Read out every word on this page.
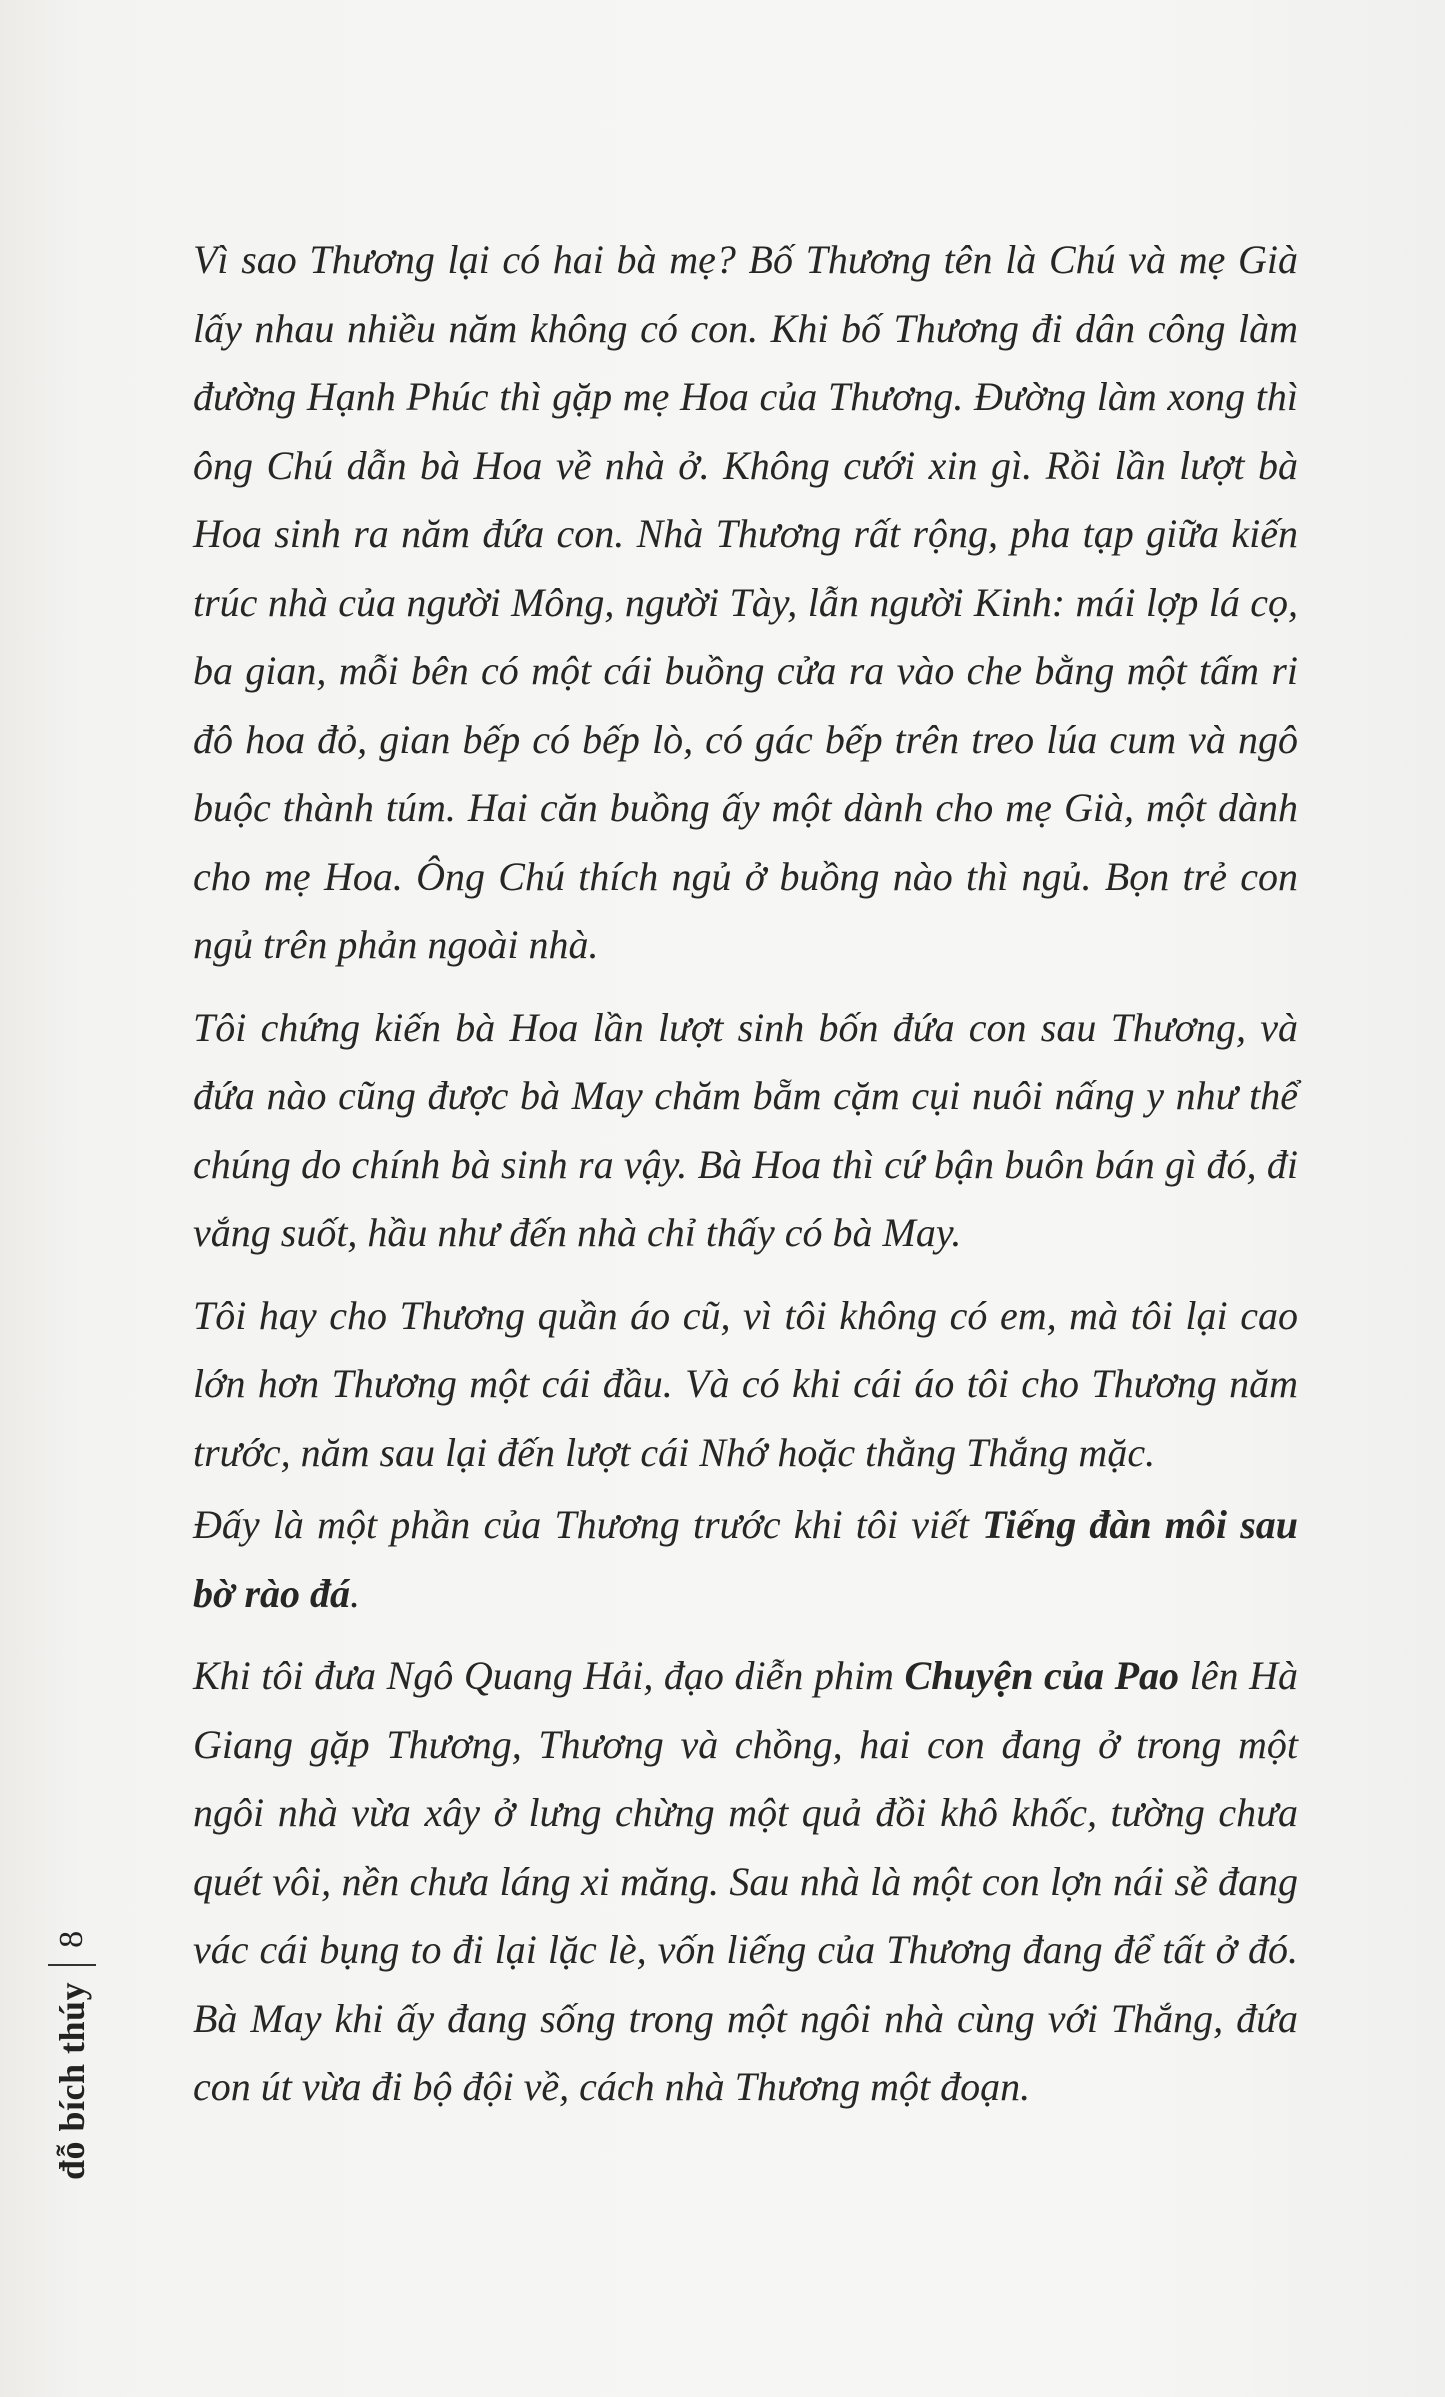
Vì sao Thương lại có hai bà mẹ? Bố Thương tên là Chú và mẹ Già lấy nhau nhiều năm không có con. Khi bố Thương đi dân công làm đường Hạnh Phúc thì gặp mẹ Hoa của Thương. Đường làm xong thì ông Chú dẫn bà Hoa về nhà ở. Không cưới xin gì. Rồi lần lượt bà Hoa sinh ra năm đứa con. Nhà Thương rất rộng, pha tạp giữa kiến trúc nhà của người Mông, người Tày, lẫn người Kinh: mái lợp lá cọ, ba gian, mỗi bên có một cái buồng cửa ra vào che bằng một tấm ri đô hoa đỏ, gian bếp có bếp lò, có gác bếp trên treo lúa cum và ngô buộc thành túm. Hai căn buồng ấy một dành cho mẹ Già, một dành cho mẹ Hoa. Ông Chú thích ngủ ở buồng nào thì ngủ. Bọn trẻ con ngủ trên phản ngoài nhà.

Tôi chứng kiến bà Hoa lần lượt sinh bốn đứa con sau Thương, và đứa nào cũng được bà May chăm bẵm cặm cụi nuôi nấng y như thể chúng do chính bà sinh ra vậy. Bà Hoa thì cứ bận buôn bán gì đó, đi vắng suốt, hầu như đến nhà chỉ thấy có bà May.

Tôi hay cho Thương quần áo cũ, vì tôi không có em, mà tôi lại cao lớn hơn Thương một cái đầu. Và có khi cái áo tôi cho Thương năm trước, năm sau lại đến lượt cái Nhớ hoặc thằng Thắng mặc.

Đấy là một phần của Thương trước khi tôi viết Tiếng đàn môi sau bờ rào đá.

Khi tôi đưa Ngô Quang Hải, đạo diễn phim Chuyện của Pao lên Hà Giang gặp Thương, Thương và chồng, hai con đang ở trong một ngôi nhà vừa xây ở lưng chừng một quả đồi khô khốc, tường chưa quét vôi, nền chưa láng xi măng. Sau nhà là một con lợn nái sề đang vác cái bụng to đi lại lặc lè, vốn liếng của Thương đang để tất ở đó. Bà May khi ấy đang sống trong một ngôi nhà cùng với Thắng, đứa con út vừa đi bộ đội về, cách nhà Thương một đoạn.

đỗ bích thúy
8
